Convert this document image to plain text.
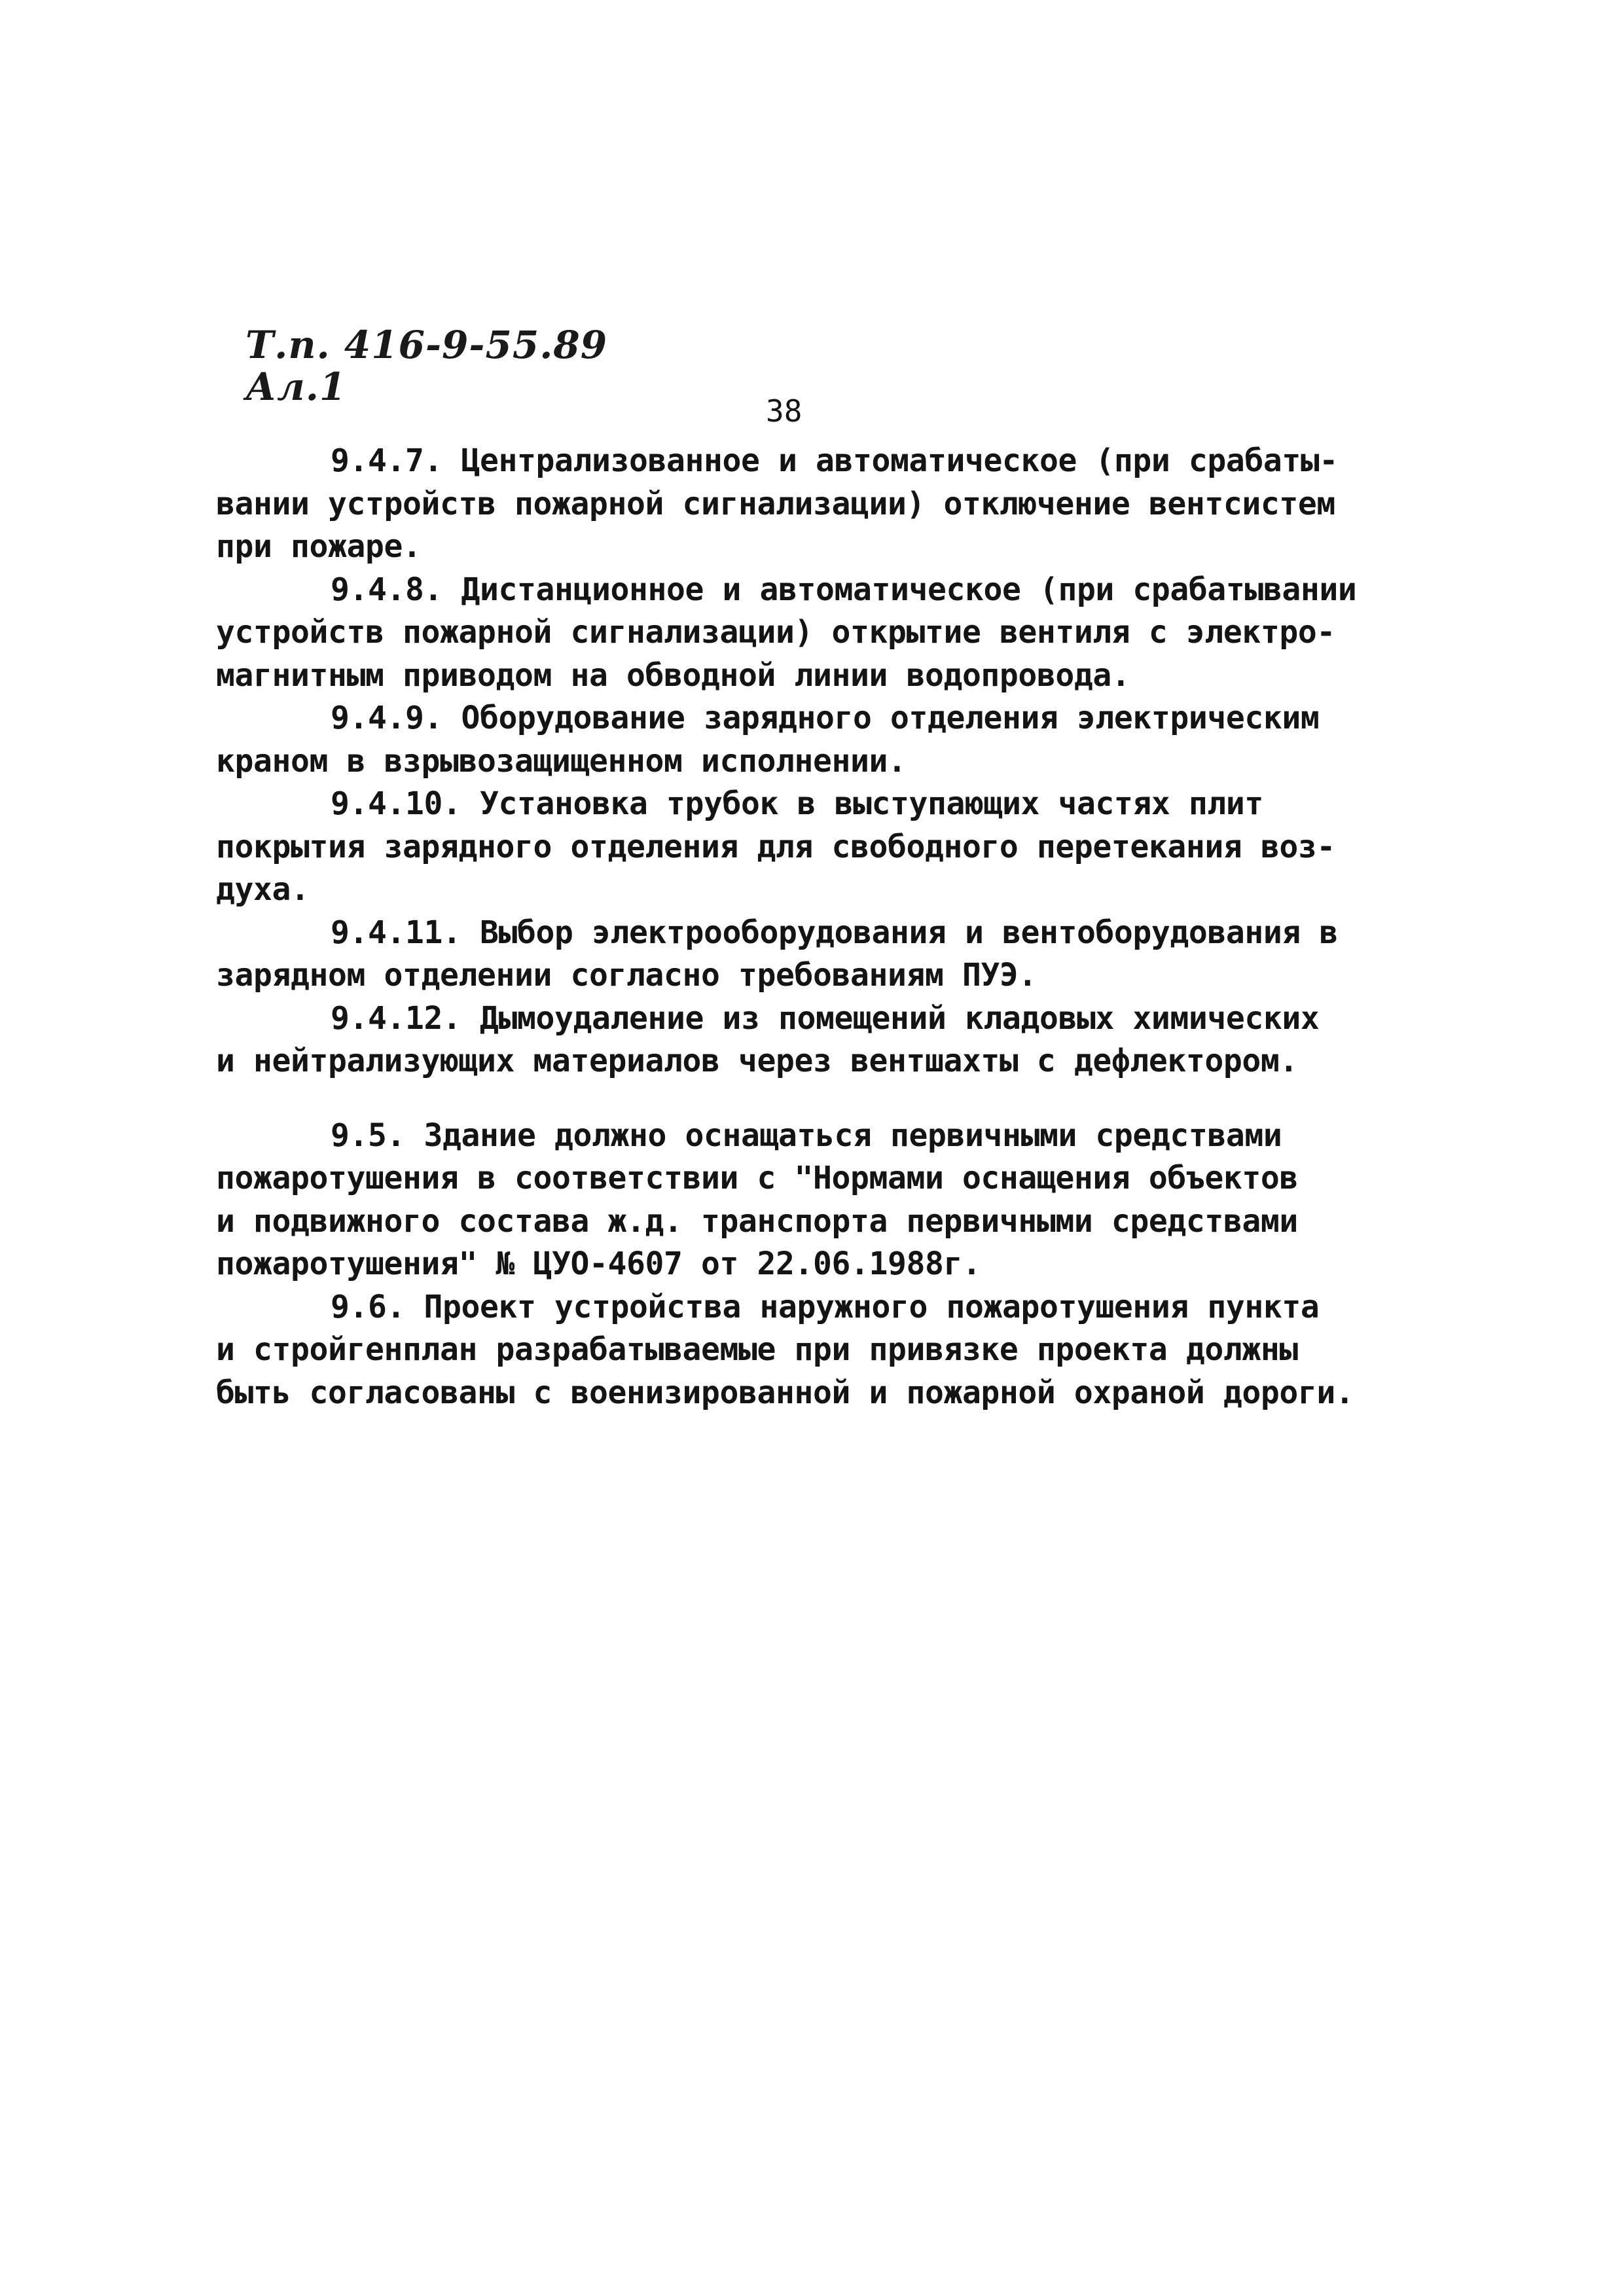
Т.п. 416-9-55.89
Ал.1
38
9.4.7. Централизованное и автоматическое (при срабаты-
вании устройств пожарной сигнализации) отключение вентсистем
при пожаре.
9.4.8. Дистанционное и автоматическое (при срабатывании
устройств пожарной сигнализации) открытие вентиля с электро-
магнитным приводом на обводной линии водопровода.
9.4.9. Оборудование зарядного отделения электрическим
краном в взрывозащищенном исполнении.
9.4.10. Установка трубок в выступающих частях плит
покрытия зарядного отделения для свободного перетекания воз-
духа.
9.4.11. Выбор электрооборудования и вентоборудования в
зарядном отделении согласно требованиям ПУЭ.
9.4.12. Дымоудаление из помещений кладовых химических
и нейтрализующих материалов через вентшахты с дефлектором.
9.5. Здание должно оснащаться первичными средствами
пожаротушения в соответствии с "Нормами оснащения объектов
и подвижного состава ж.д. транспорта первичными средствами
пожаротушения" № ЦУО-4607 от 22.06.1988г.
9.6. Проект устройства наружного пожаротушения пункта
и стройгенплан разрабатываемые при привязке проекта должны
быть согласованы с военизированной и пожарной охраной дороги.
